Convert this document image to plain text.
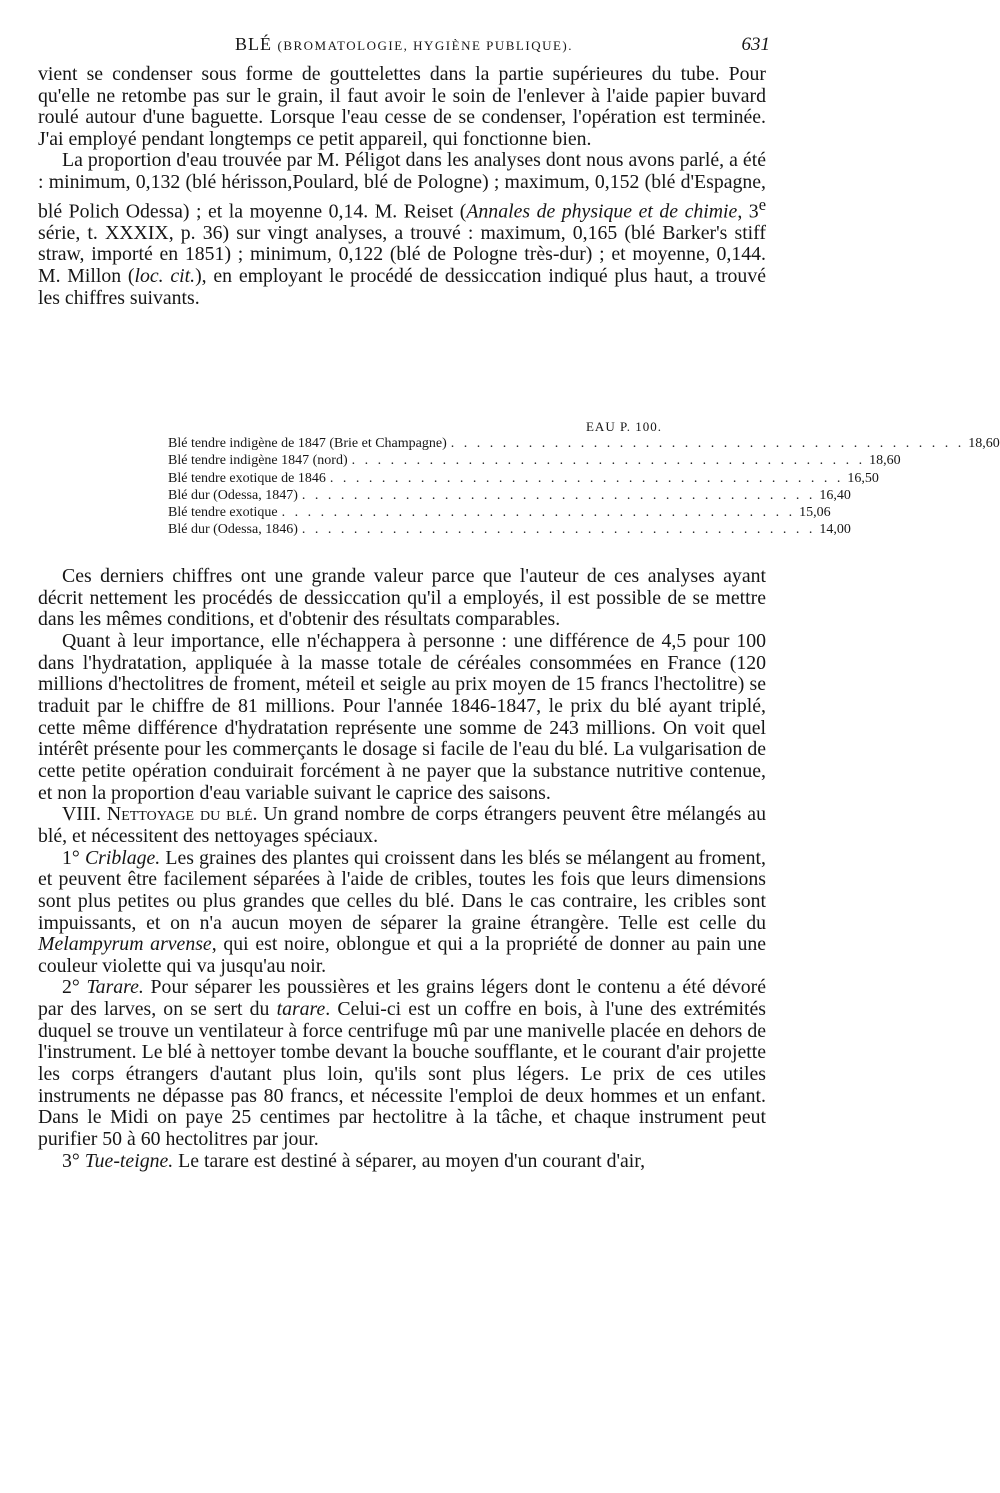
BLÉ (BROMATOLOGIE, HYGIÈNE PUBLIQUE).	631

vient se condenser sous forme de gouttelettes dans la partie supérieures du tube. Pour qu'elle ne retombe pas sur le grain, il faut avoir le soin de l'enlever à l'aide papier buvard roulé autour d'une baguette. Lorsque l'eau cesse de se condenser, l'opération est terminée. J'ai employé pendant longtemps ce petit appareil, qui fonctionne bien.

La proportion d'eau trouvée par M. Péligot dans les analyses dont nous avons parlé, a été : minimum, 0,132 (blé hérisson,Poulard, blé de Pologne) ; maximum, 0,152 (blé d'Espagne, blé Polich Odessa) ; et la moyenne 0,14. M. Reiset (Annales de physique et de chimie, 3e série, t. XXXIX, p. 36) sur vingt analyses, a trouvé : maximum, 0,165 (blé Barker's stiff straw, importé en 1851) ; minimum, 0,122 (blé de Pologne très-dur) ; et moyenne, 0,144. M. Millon (loc. cit.), en employant le procédé de dessiccation indiqué plus haut, a trouvé les chiffres suivants.

EAU P. 100.
Blé tendre indigène de 1847 (Brie et Champagne) . . . . . . . . . . . . . . . . . . . . . . . . . . . . . . . . . . . . . . . . 18,60
Blé tendre indigène 1847 (nord) . . . . . . . . . . . . . . . . . . . . . . . . . . . . . . . . . . . . . . . . 18,60
Blé tendre exotique de 1846 . . . . . . . . . . . . . . . . . . . . . . . . . . . . . . . . . . . . . . . . 16,50
Blé dur (Odessa, 1847) . . . . . . . . . . . . . . . . . . . . . . . . . . . . . . . . . . . . . . . . 16,40
Blé tendre exotique . . . . . . . . . . . . . . . . . . . . . . . . . . . . . . . . . . . . . . . . 15,06
Blé dur (Odessa, 1846) . . . . . . . . . . . . . . . . . . . . . . . . . . . . . . . . . . . . . . . . 14,00

Ces derniers chiffres ont une grande valeur parce que l'auteur de ces analyses ayant décrit nettement les procédés de dessiccation qu'il a employés, il est possible de se mettre dans les mêmes conditions, et d'obtenir des résultats comparables.

Quant à leur importance, elle n'échappera à personne : une différence de 4,5 pour 100 dans l'hydratation, appliquée à la masse totale de céréales consommées en France (120 millions d'hectolitres de froment, méteil et seigle au prix moyen de 15 francs l'hectolitre) se traduit par le chiffre de 81 millions. Pour l'année 1846-1847, le prix du blé ayant triplé, cette même différence d'hydratation représente une somme de 243 millions. On voit quel intérêt présente pour les commerçants le dosage si facile de l'eau du blé. La vulgarisation de cette petite opération conduirait forcément à ne payer que la substance nutritive contenue, et non la proportion d'eau variable suivant le caprice des saisons.

VIII. Nettoyage du blé. Un grand nombre de corps étrangers peuvent être mélangés au blé, et nécessitent des nettoyages spéciaux.

1° Criblage. Les graines des plantes qui croissent dans les blés se mélangent au froment, et peuvent être facilement séparées à l'aide de cribles, toutes les fois que leurs dimensions sont plus petites ou plus grandes que celles du blé. Dans le cas contraire, les cribles sont impuissants, et on n'a aucun moyen de séparer la graine étrangère. Telle est celle du Melampyrum arvense, qui est noire, oblongue et qui a la propriété de donner au pain une couleur violette qui va jusqu'au noir.

2° Tarare. Pour séparer les poussières et les grains légers dont le contenu a été dévoré par des larves, on se sert du tarare. Celui-ci est un coffre en bois, à l'une des extrémités duquel se trouve un ventilateur à force centrifuge mû par une manivelle placée en dehors de l'instrument. Le blé à nettoyer tombe devant la bouche soufflante, et le courant d'air projette les corps étrangers d'autant plus loin, qu'ils sont plus légers. Le prix de ces utiles instruments ne dépasse pas 80 francs, et nécessite l'emploi de deux hommes et un enfant. Dans le Midi on paye 25 centimes par hectolitre à la tâche, et chaque instrument peut purifier 50 à 60 hectolitres par jour.

3° Tue-teigne. Le tarare est destiné à séparer, au moyen d'un courant d'air,
